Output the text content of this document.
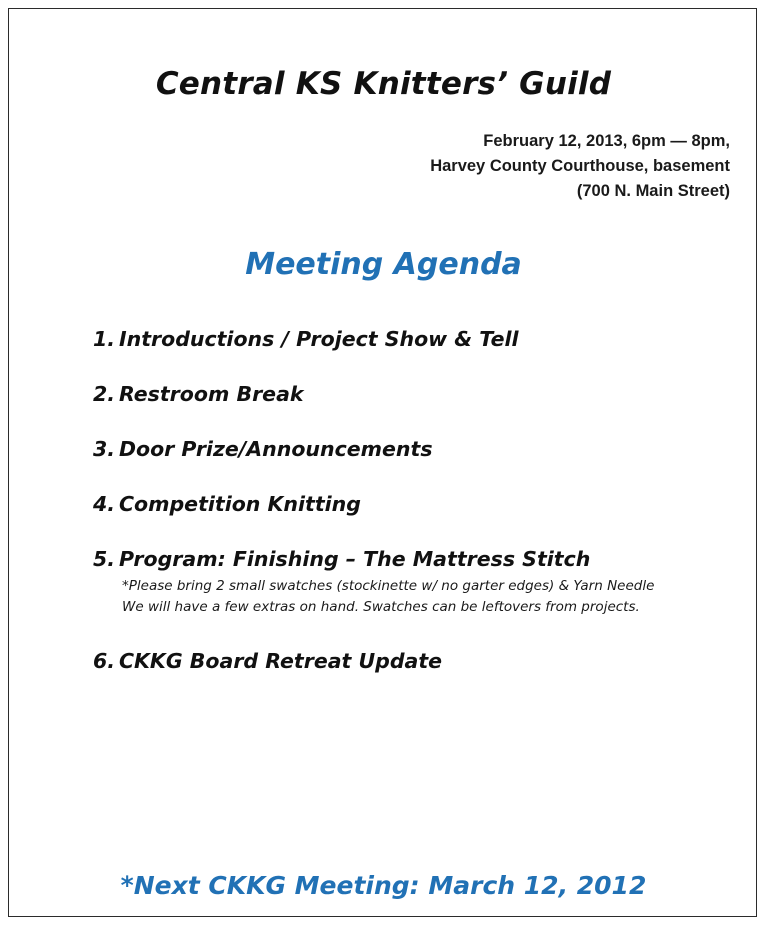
Central KS Knitters’ Guild
February 12, 2013, 6pm — 8pm,
Harvey County Courthouse, basement
(700 N. Main Street)
Meeting Agenda
1. Introductions / Project Show & Tell
2. Restroom Break
3. Door Prize/Announcements
4. Competition Knitting
5. Program: Finishing – The Mattress Stitch
*Please bring 2 small swatches (stockinette w/ no garter edges) & Yarn Needle
We will have a few extras on hand. Swatches can be leftovers from projects.
6. CKKG Board Retreat Update
*Next CKKG Meeting: March 12, 2012
